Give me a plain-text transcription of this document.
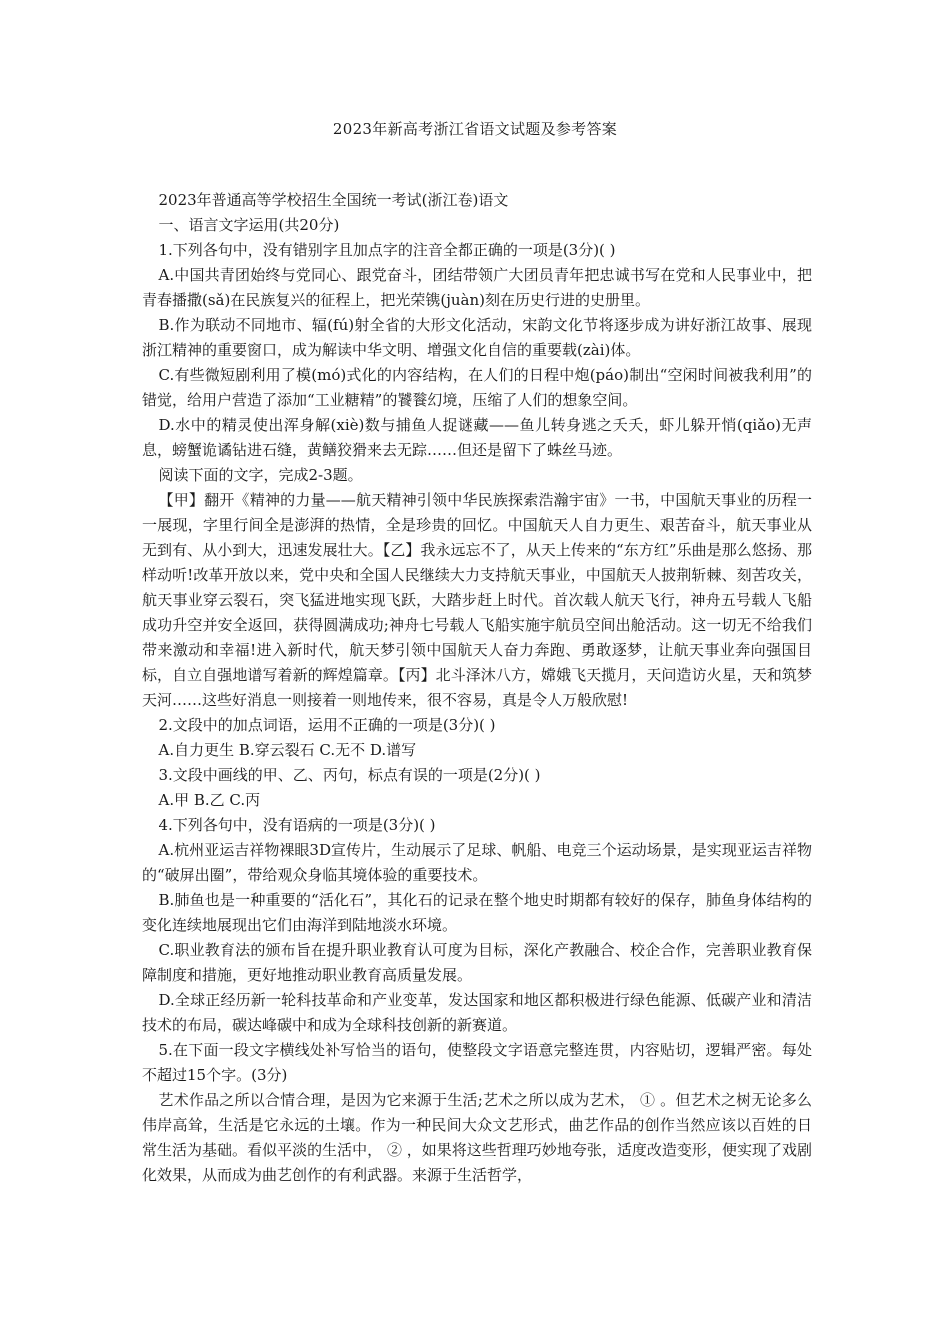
2023年新高考浙江省语文试题及参考答案

2023年普通高等学校招生全国统一考试(浙江卷)语文

一、语言文字运用(共20分)

1.下列各句中，没有错别字且加点字的注音全都正确的一项是(3分)( )

A.中国共青团始终与党同心、跟党奋斗，团结带领广大团员青年把忠诚书写在党和人民事业中，把青春播撒(sǎ)在民族复兴的征程上，把光荣镌(juàn)刻在历史行进的史册里。

B.作为联动不同地市、辐(fú)射全省的大形文化活动，宋韵文化节将逐步成为讲好浙江故事、展现浙江精神的重要窗口，成为解读中华文明、增强文化自信的重要载(zài)体。

C.有些微短剧利用了模(mó)式化的内容结构，在人们的日程中炮(páo)制出“空闲时间被我利用”的错觉，给用户营造了添加“工业糖精”的饕餮幻境，压缩了人们的想象空间。

D.水中的精灵使出浑身解(xiè)数与捕鱼人捉谜藏——鱼儿转身逃之夭夭，虾儿躲开悄(qiǎo)无声息，螃蟹诡谲钻进石缝，黄鳝狡猾来去无踪……但还是留下了蛛丝马迹。

阅读下面的文字，完成2-3题。

【甲】翻开《精神的力量——航天精神引领中华民族探索浩瀚宇宙》一书，中国航天事业的历程一一展现，字里行间全是澎湃的热情，全是珍贵的回忆。中国航天人自力更生、艰苦奋斗，航天事业从无到有、从小到大，迅速发展壮大。【乙】我永远忘不了，从天上传来的“东方红”乐曲是那么悠扬、那样动听!改革开放以来，党中央和全国人民继续大力支持航天事业，中国航天人披荆斩棘、刻苦攻关，航天事业穿云裂石，突飞猛进地实现飞跃，大踏步赶上时代。首次载人航天飞行，神舟五号载人飞船成功升空并安全返回，获得圆满成功;神舟七号载人飞船实施宇航员空间出舱活动。这一切无不给我们带来激动和幸福!进入新时代，航天梦引领中国航天人奋力奔跑、勇敢逐梦，让航天事业奔向强国目标，自立自强地谱写着新的辉煌篇章。【丙】北斗泽沐八方，嫦娥飞天揽月，天问造访火星，天和筑梦天河……这些好消息一则接着一则地传来，很不容易，真是令人万般欣慰!

2.文段中的加点词语，运用不正确的一项是(3分)( )

A.自力更生 B.穿云裂石 C.无不 D.谱写

3.文段中画线的甲、乙、丙句，标点有误的一项是(2分)( )

A.甲 B.乙 C.丙

4.下列各句中，没有语病的一项是(3分)( )

A.杭州亚运吉祥物裸眼3D宣传片，生动展示了足球、帆船、电竞三个运动场景，是实现亚运吉祥物的“破屏出圈”，带给观众身临其境体验的重要技术。

B.肺鱼也是一种重要的“活化石”，其化石的记录在整个地史时期都有较好的保存，肺鱼身体结构的变化连续地展现出它们由海洋到陆地淡水环境。

C.职业教育法的颁布旨在提升职业教育认可度为目标，深化产教融合、校企合作，完善职业教育保障制度和措施，更好地推动职业教育高质量发展。

D.全球正经历新一轮科技革命和产业变革，发达国家和地区都积极进行绿色能源、低碳产业和清洁技术的布局，碳达峰碳中和成为全球科技创新的新赛道。

5.在下面一段文字横线处补写恰当的语句，使整段文字语意完整连贯，内容贴切，逻辑严密。每处不超过15个字。(3分)

艺术作品之所以合情合理，是因为它来源于生活;艺术之所以成为艺术， ① 。但艺术之树无论多么伟岸高耸，生活是它永远的土壤。作为一种民间大众文艺形式，曲艺作品的创作当然应该以百姓的日常生活为基础。看似平淡的生活中， ② ，如果将这些哲理巧妙地夸张，适度改造变形，便实现了戏剧化效果，从而成为曲艺创作的有利武器。来源于生活哲学，
